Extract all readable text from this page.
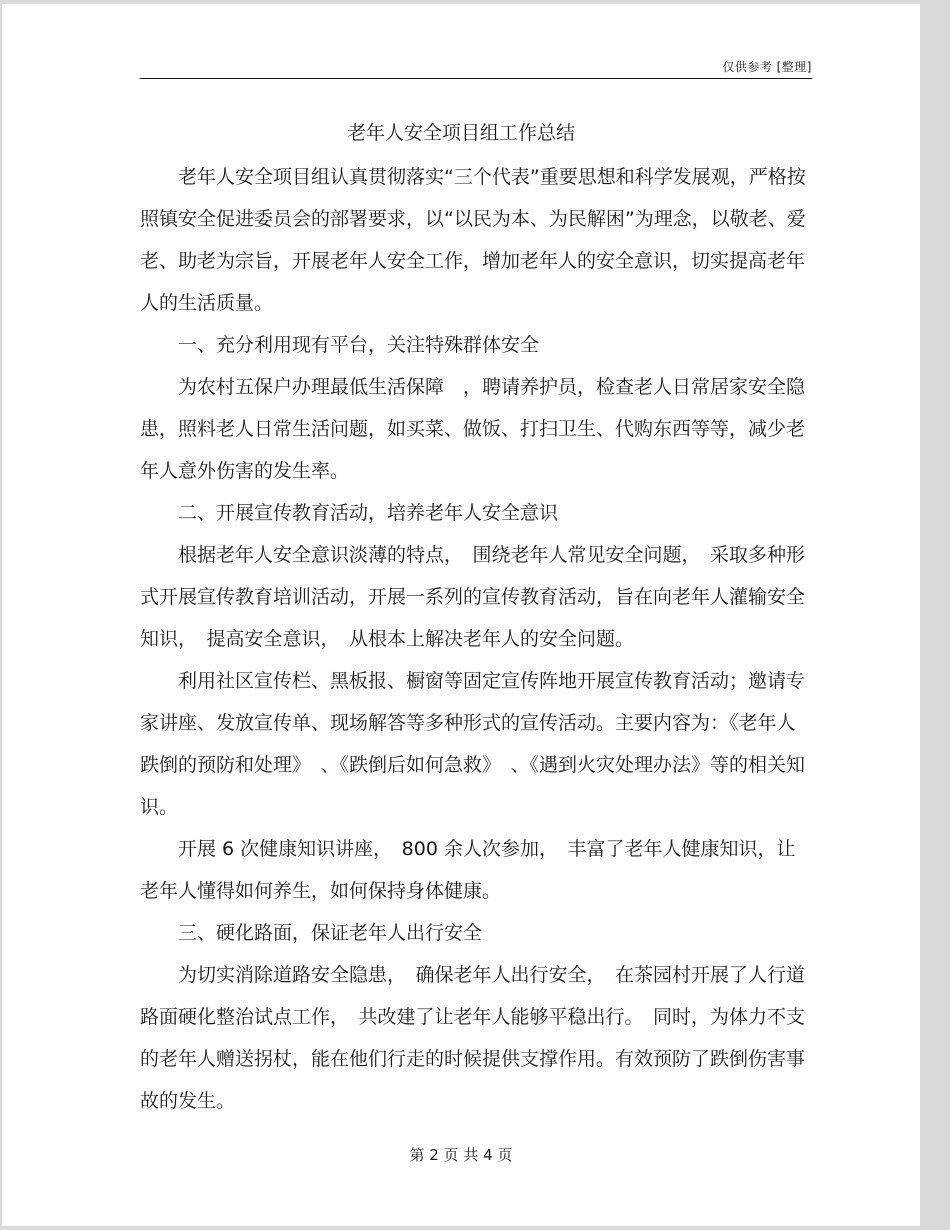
仅供参考 [整理]
老年人安全项目组工作总结

老年人安全项目组认真贯彻落实“三个代表”重要思想和科学发展观，严格按照镇安全促进委员会的部署要求，以“以民为本、为民解困”为理念，以敬老、爱老、助老为宗旨，开展老年人安全工作，增加老年人的安全意识，切实提高老年人的生活质量。

一、充分利用现有平台，关注特殊群体安全

为农村五保户办理最低生活保障　，聘请养护员，检查老人日常居家安全隐患，照料老人日常生活问题，如买菜、做饭、打扫卫生、代购东西等等，减少老年人意外伤害的发生率。

二、开展宣传教育活动，培养老年人安全意识

根据老年人安全意识淡薄的特点，　围绕老年人常见安全问题，　采取多种形式开展宣传教育培训活动，开展一系列的宣传教育活动，旨在向老年人灌输安全知识，　提高安全意识，　从根本上解决老年人的安全问题。

利用社区宣传栏、黑板报、橱窗等固定宣传阵地开展宣传教育活动；邀请专家讲座、发放宣传单、现场解答等多种形式的宣传活动。主要内容为：《老年人跌倒的预防和处理》　、《跌倒后如何急救》　、《遇到火灾处理办法》等的相关知识。

开展 6 次健康知识讲座，　800 余人次参加，　丰富了老年人健康知识，让老年人懂得如何养生，如何保持身体健康。

三、硬化路面，保证老年人出行安全

为切实消除道路安全隐患，　确保老年人出行安全，　在茶园村开展了人行道路面硬化整治试点工作，　共改建了让老年人能够平稳出行。　同时，为体力不支的老年人赠送拐杖，能在他们行走的时候提供支撑作用。有效预防了跌倒伤害事故的发生。

第 2 页 共 4 页
